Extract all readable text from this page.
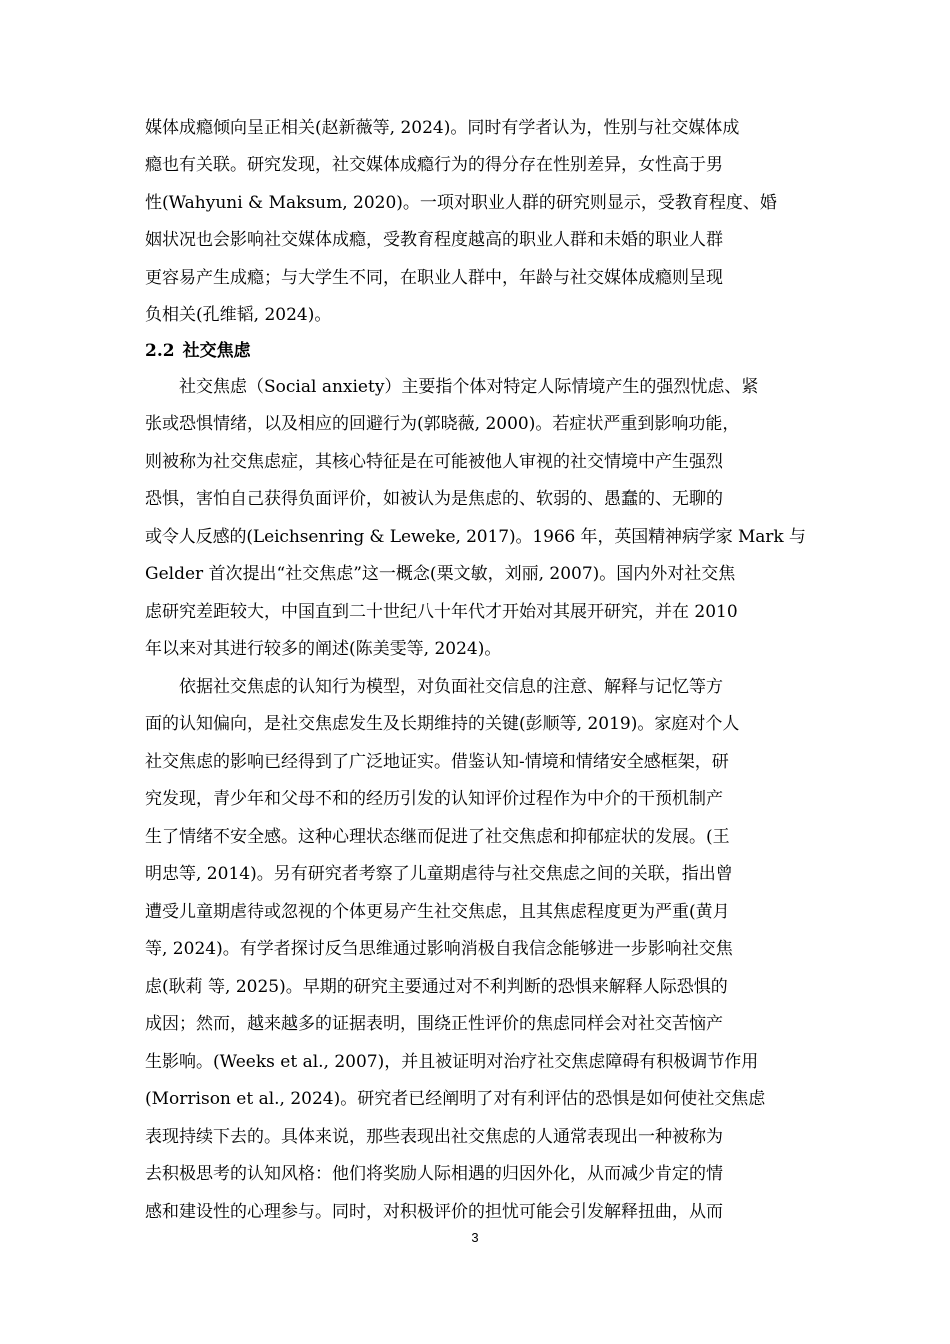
媒体成瘾倾向呈正相关(赵新薇等, 2024)。同时有学者认为，性别与社交媒体成
瘾也有关联。研究发现，社交媒体成瘾行为的得分存在性别差异，女性高于男
性(Wahyuni & Maksum, 2020)。一项对职业人群的研究则显示，受教育程度、婚
姻状况也会影响社交媒体成瘾，受教育程度越高的职业人群和未婚的职业人群
更容易产生成瘾；与大学生不同，在职业人群中，年龄与社交媒体成瘾则呈现
负相关(孔维韬, 2024)。
2.2 社交焦虑
社交焦虑（Social anxiety）主要指个体对特定人际情境产生的强烈忧虑、紧
张或恐惧情绪，以及相应的回避行为(郭晓薇, 2000)。若症状严重到影响功能，
则被称为社交焦虑症，其核心特征是在可能被他人审视的社交情境中产生强烈
恐惧，害怕自己获得负面评价，如被认为是焦虑的、软弱的、愚蠢的、无聊的
或令人反感的(Leichsenring & Leweke, 2017)。1966 年，英国精神病学家 Mark 与
Gelder 首次提出“社交焦虑”这一概念(栗文敏，刘丽, 2007)。国内外对社交焦
虑研究差距较大，中国直到二十世纪八十年代才开始对其展开研究，并在 2010
年以来对其进行较多的阐述(陈美雯等, 2024)。
依据社交焦虑的认知行为模型，对负面社交信息的注意、解释与记忆等方
面的认知偏向，是社交焦虑发生及长期维持的关键(彭顺等, 2019)。家庭对个人
社交焦虑的影响已经得到了广泛地证实。借鉴认知-情境和情绪安全感框架，研
究发现，青少年和父母不和的经历引发的认知评价过程作为中介的干预机制产
生了情绪不安全感。这种心理状态继而促进了社交焦虑和抑郁症状的发展。(王
明忠等, 2014)。另有研究者考察了儿童期虐待与社交焦虑之间的关联，指出曾
遭受儿童期虐待或忽视的个体更易产生社交焦虑，且其焦虑程度更为严重(黄月
等, 2024)。有学者探讨反刍思维通过影响消极自我信念能够进一步影响社交焦
虑(耿莉 等, 2025)。早期的研究主要通过对不利判断的恐惧来解释人际恐惧的
成因；然而，越来越多的证据表明，围绕正性评价的焦虑同样会对社交苦恼产
生影响。(Weeks et al., 2007)，并且被证明对治疗社交焦虑障碍有积极调节作用
(Morrison et al., 2024)。研究者已经阐明了对有利评估的恐惧是如何使社交焦虑
表现持续下去的。具体来说，那些表现出社交焦虑的人通常表现出一种被称为
去积极思考的认知风格：他们将奖励人际相遇的归因外化，从而减少肯定的情
感和建设性的心理参与。同时，对积极评价的担忧可能会引发解释扭曲，从而
3
